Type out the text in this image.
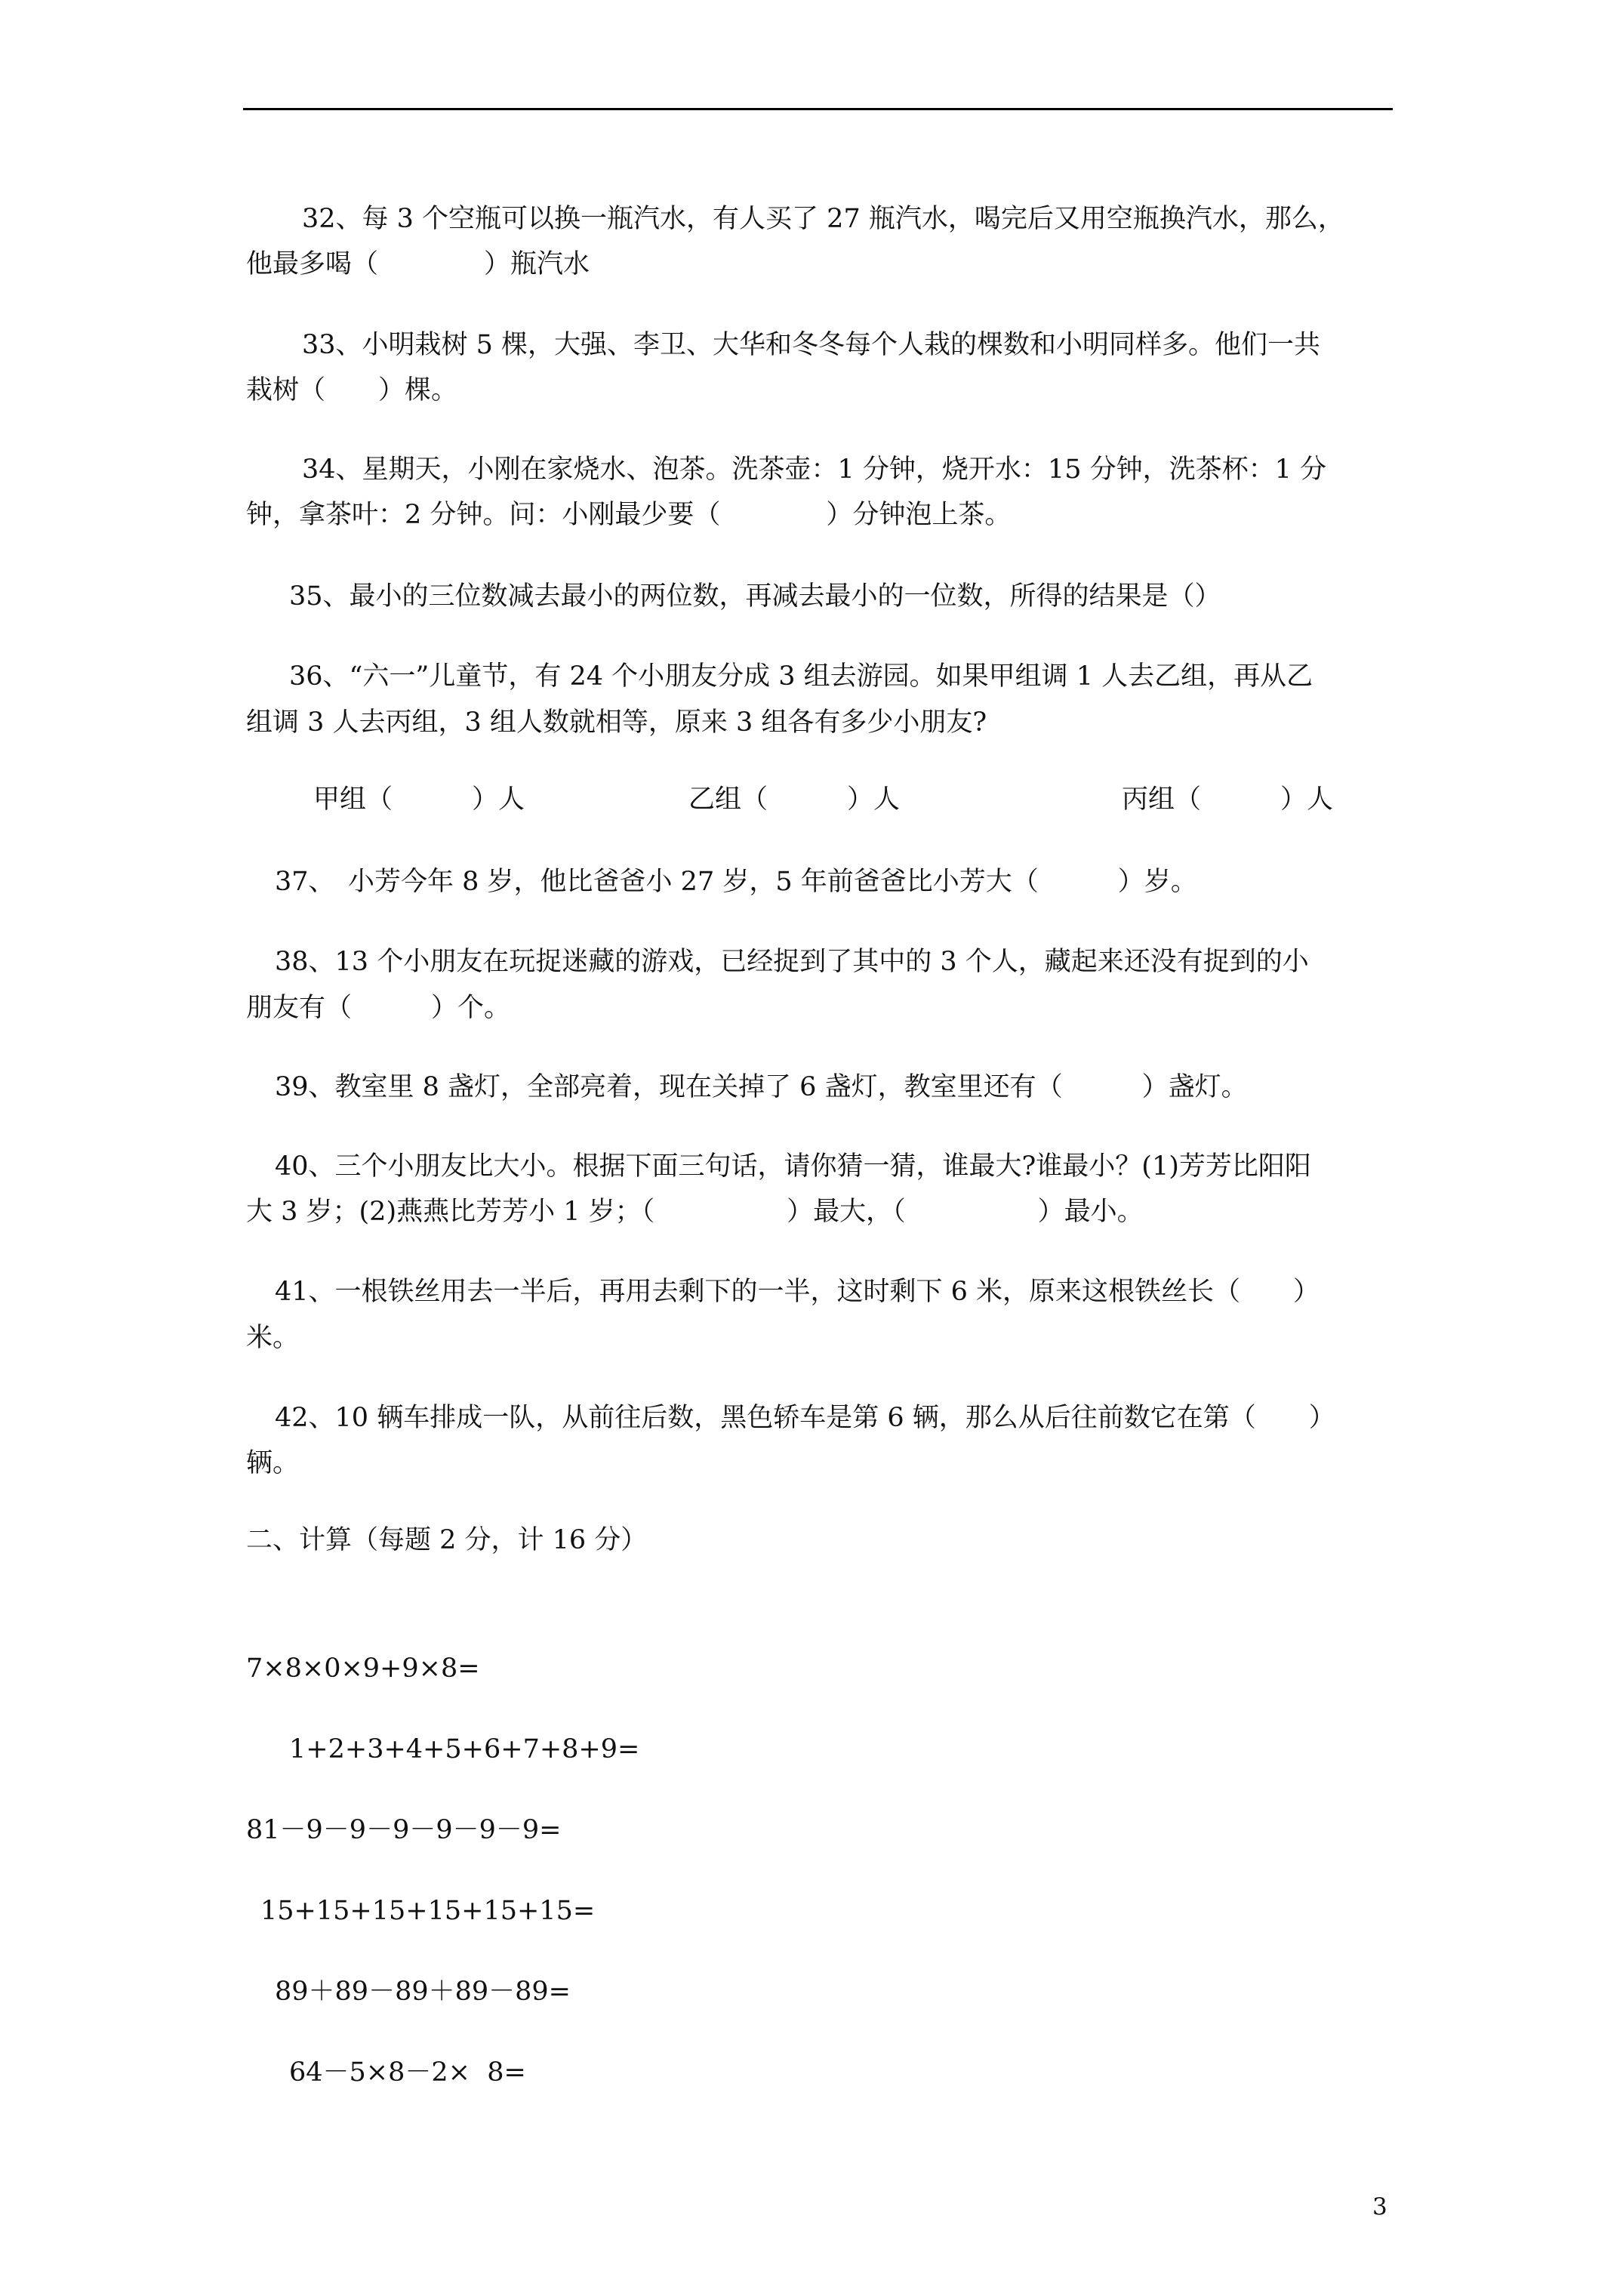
32、每 3 个空瓶可以换一瓶汽水，有人买了 27 瓶汽水，喝完后又用空瓶换汽水，那么，

他最多喝（　　　　）瓶汽水

33、小明栽树 5 棵，大强、李卫、大华和冬冬每个人栽的棵数和小明同样多。他们一共

栽树（　　）棵。

34、星期天，小刚在家烧水、泡茶。洗茶壶：1 分钟，烧开水：15 分钟，洗茶杯：1 分

钟，拿茶叶：2 分钟。问：小刚最少要（　　　　）分钟泡上茶。

35、最小的三位数减去最小的两位数，再减去最小的一位数，所得的结果是（）

36、“六一”儿童节，有 24 个小朋友分成 3 组去游园。如果甲组调 1 人去乙组，再从乙

组调 3 人去丙组，3 组人数就相等，原来 3 组各有多少小朋友?

甲组（　　　）人	乙组（　　　）人	丙组（　　　）人

37、　小芳今年 8 岁，他比爸爸小 27 岁，5 年前爸爸比小芳大（　　　）岁。

38、13 个小朋友在玩捉迷藏的游戏，已经捉到了其中的 3 个人，藏起来还没有捉到的小

朋友有（　　　）个。

39、教室里 8 盏灯，全部亮着，现在关掉了 6 盏灯，教室里还有（　　　）盏灯。

40、三个小朋友比大小。根据下面三句话，请你猜一猜，谁最大?谁最小？(1)芳芳比阳阳

大 3 岁；(2)燕燕比芳芳小 1 岁；（　　　　　）最大，（　　　　　）最小。

41、一根铁丝用去一半后，再用去剩下的一半，这时剩下 6 米，原来这根铁丝长（　　）

米。

42、10 辆车排成一队，从前往后数，黑色轿车是第 6 辆，那么从后往前数它在第（　　）

辆。

二、计算（每题 2 分，计 16 分）

7×8×0×9+9×8=

1+2+3+4+5+6+7+8+9=

81－9－9－9－9－9－9=

15+15+15+15+15+15=

89＋89－89＋89－89=

64－5×8－2×  8=

3
